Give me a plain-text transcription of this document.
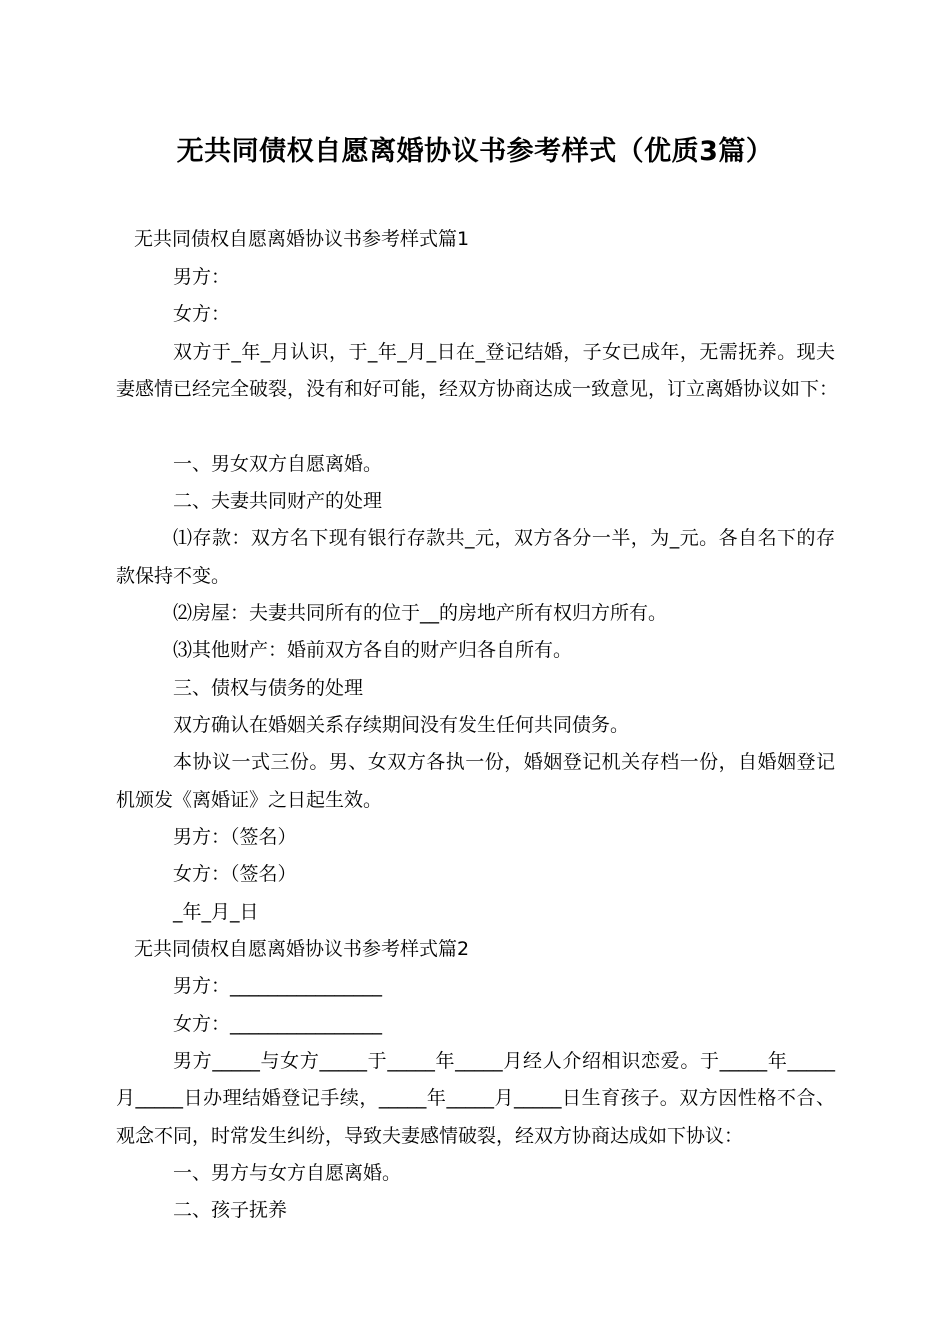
无共同债权自愿离婚协议书参考样式（优质3篇）
无共同债权自愿离婚协议书参考样式篇1
男方：
女方：
双方于_年_月认识，于_年_月_日在_登记结婚，子女已成年，无需抚养。现夫
妻感情已经完全破裂，没有和好可能，经双方协商达成一致意见，订立离婚协议如下：
一、男女双方自愿离婚。
二、夫妻共同财产的处理
⑴存款：双方名下现有银行存款共_元，双方各分一半，为_元。各自名下的存
款保持不变。
⑵房屋：夫妻共同所有的位于__的房地产所有权归方所有。
⑶其他财产：婚前双方各自的财产归各自所有。
三、债权与债务的处理
双方确认在婚姻关系存续期间没有发生任何共同债务。
本协议一式三份。男、女双方各执一份，婚姻登记机关存档一份，自婚姻登记
机颁发《离婚证》之日起生效。
男方：（签名）
女方：（签名）
_年_月_日
无共同债权自愿离婚协议书参考样式篇2
男方：________________
女方：________________
男方_____与女方_____于_____年_____月经人介绍相识恋爱。于_____年_____
月_____日办理结婚登记手续，_____年_____月_____日生育孩子。双方因性格不合、
观念不同，时常发生纠纷，导致夫妻感情破裂，经双方协商达成如下协议：
一、男方与女方自愿离婚。
二、孩子抚养
